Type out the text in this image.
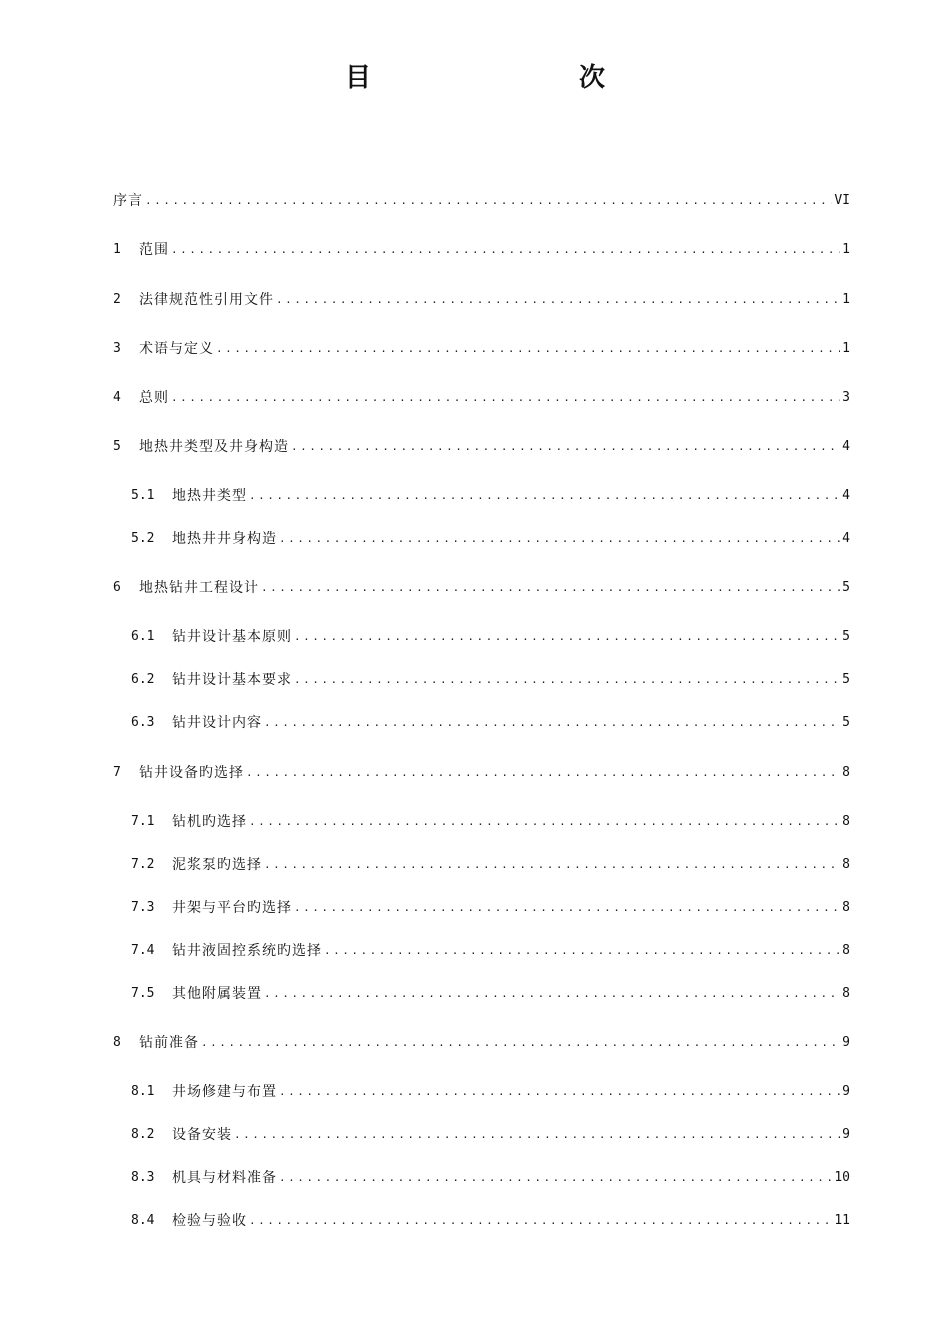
目　　次
序言 .....	VI
1	范围 .....	1
2	法律规范性引用文件 .....	1
3	术语与定义 .....	1
4	总则 .....	3
5	地热井类型及井身构造 .....	4
5.1	地热井类型 .....	4
5.2	地热井井身构造 .....	4
6	地热钻井工程设计 .....	5
6.1	钻井设计基本原则 .....	5
6.2	钻井设计基本要求 .....	5
6.3	钻井设计内容 .....	5
7	钻井设备旳选择 .....	8
7.1	钻机旳选择 .....	8
7.2	泥浆泵旳选择 .....	8
7.3	井架与平台旳选择 .....	8
7.4	钻井液固控系统旳选择 .....	8
7.5	其他附属装置 .....	8
8	钻前准备 .....	9
8.1	井场修建与布置 .....	9
8.2	设备安装 .....	9
8.3	机具与材料准备 .....	10
8.4	检验与验收 .....	11
